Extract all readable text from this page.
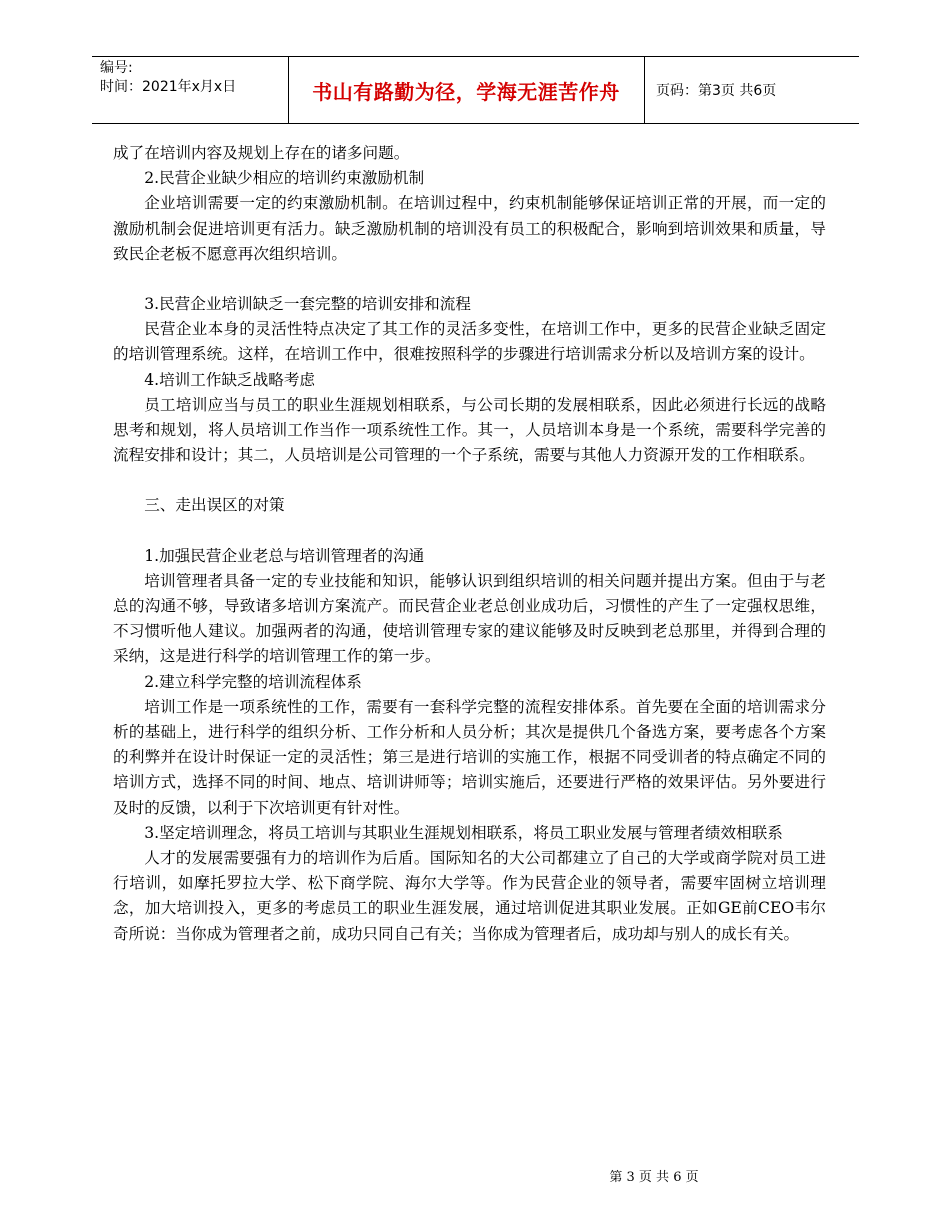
编号:
时间：2021年x月x日	书山有路勤为径，学海无涯苦作舟	页码：第3页 共6页

成了在培训内容及规划上存在的诸多问题。

2.民营企业缺少相应的培训约束激励机制

企业培训需要一定的约束激励机制。在培训过程中，约束机制能够保证培训正常的开展，而一定的激励机制会促进培训更有活力。缺乏激励机制的培训没有员工的积极配合，影响到培训效果和质量，导致民企老板不愿意再次组织培训。

3.民营企业培训缺乏一套完整的培训安排和流程

民营企业本身的灵活性特点决定了其工作的灵活多变性，在培训工作中，更多的民营企业缺乏固定的培训管理系统。这样，在培训工作中，很难按照科学的步骤进行培训需求分析以及培训方案的设计。

4.培训工作缺乏战略考虑

员工培训应当与员工的职业生涯规划相联系，与公司长期的发展相联系，因此必须进行长远的战略思考和规划，将人员培训工作当作一项系统性工作。其一，人员培训本身是一个系统，需要科学完善的流程安排和设计；其二，人员培训是公司管理的一个子系统，需要与其他人力资源开发的工作相联系。

三、走出误区的对策

1.加强民营企业老总与培训管理者的沟通

培训管理者具备一定的专业技能和知识，能够认识到组织培训的相关问题并提出方案。但由于与老总的沟通不够，导致诸多培训方案流产。而民营企业老总创业成功后，习惯性的产生了一定强权思维，不习惯听他人建议。加强两者的沟通，使培训管理专家的建议能够及时反映到老总那里，并得到合理的采纳，这是进行科学的培训管理工作的第一步。

2.建立科学完整的培训流程体系

培训工作是一项系统性的工作，需要有一套科学完整的流程安排体系。首先要在全面的培训需求分析的基础上，进行科学的组织分析、工作分析和人员分析；其次是提供几个备选方案，要考虑各个方案的利弊并在设计时保证一定的灵活性；第三是进行培训的实施工作，根据不同受训者的特点确定不同的培训方式，选择不同的时间、地点、培训讲师等；培训实施后，还要进行严格的效果评估。另外要进行及时的反馈，以利于下次培训更有针对性。

3.坚定培训理念，将员工培训与其职业生涯规划相联系，将员工职业发展与管理者绩效相联系

人才的发展需要强有力的培训作为后盾。国际知名的大公司都建立了自己的大学或商学院对员工进行培训，如摩托罗拉大学、松下商学院、海尔大学等。作为民营企业的领导者，需要牢固树立培训理念，加大培训投入，更多的考虑员工的职业生涯发展，通过培训促进其职业发展。正如GE前CEO韦尔奇所说：当你成为管理者之前，成功只同自己有关；当你成为管理者后，成功却与别人的成长有关。

第 3 页 共 6 页
